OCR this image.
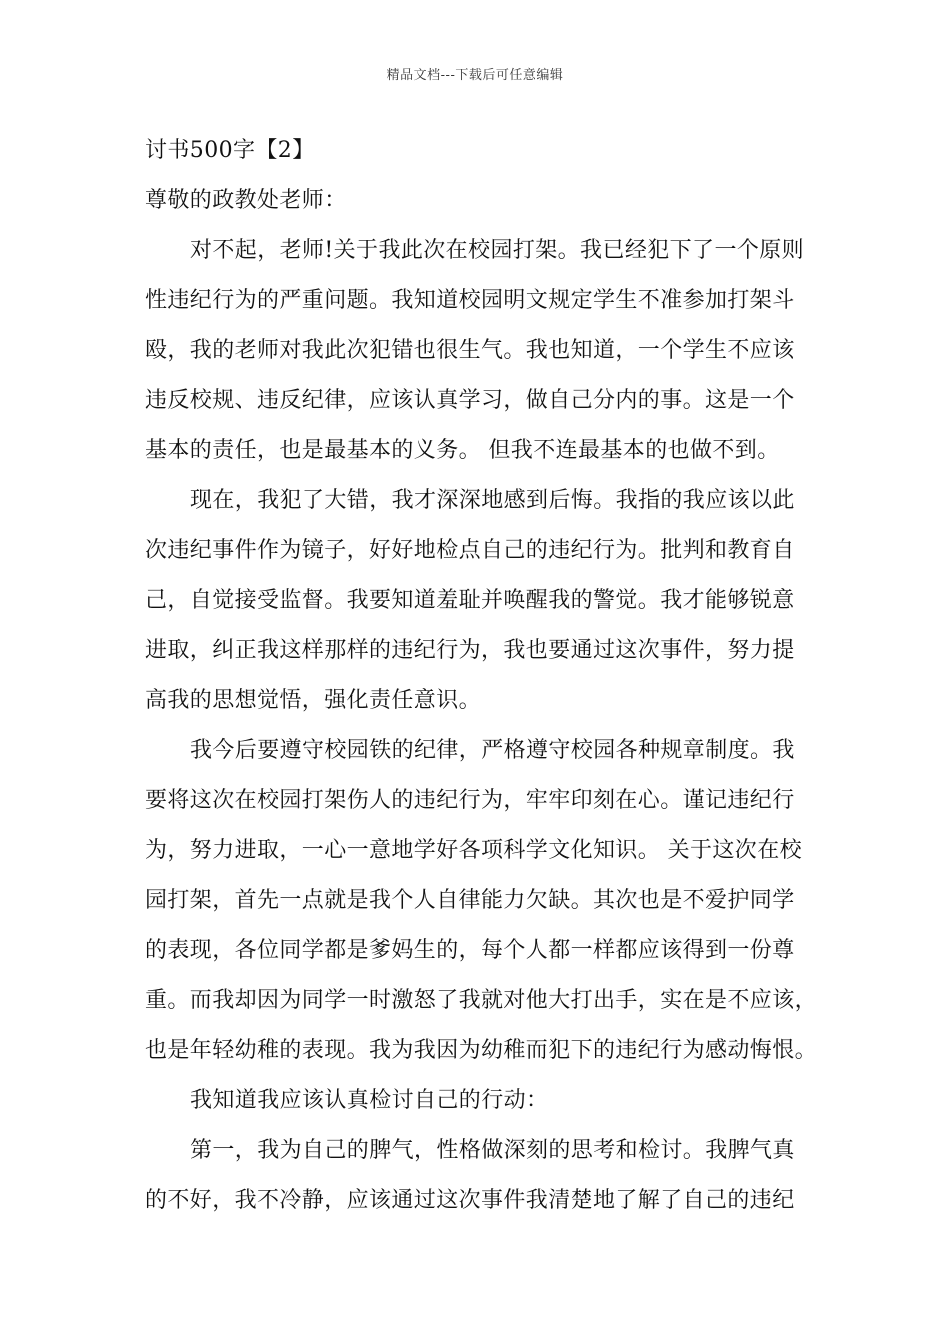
精品文档---下载后可任意编辑
讨书500字【2】
尊敬的政教处老师：
对不起，老师!关于我此次在校园打架。我已经犯下了一个原则
性违纪行为的严重问题。我知道校园明文规定学生不准参加打架斗
殴，我的老师对我此次犯错也很生气。我也知道，一个学生不应该
违反校规、违反纪律，应该认真学习，做自己分内的事。这是一个
基本的责任，也是最基本的义务。 但我不连最基本的也做不到。
现在，我犯了大错，我才深深地感到后悔。我指的我应该以此
次违纪事件作为镜子，好好地检点自己的违纪行为。批判和教育自
己，自觉接受监督。我要知道羞耻并唤醒我的警觉。我才能够锐意
进取，纠正我这样那样的违纪行为，我也要通过这次事件，努力提
高我的思想觉悟，强化责任意识。
我今后要遵守校园铁的纪律，严格遵守校园各种规章制度。我
要将这次在校园打架伤人的违纪行为，牢牢印刻在心。谨记违纪行
为，努力进取，一心一意地学好各项科学文化知识。 关于这次在校
园打架，首先一点就是我个人自律能力欠缺。其次也是不爱护同学
的表现，各位同学都是爹妈生的，每个人都一样都应该得到一份尊
重。而我却因为同学一时激怒了我就对他大打出手，实在是不应该，
也是年轻幼稚的表现。我为我因为幼稚而犯下的违纪行为感动悔恨。
我知道我应该认真检讨自己的行动：
第一，我为自己的脾气，性格做深刻的思考和检讨。我脾气真
的不好，我不冷静，应该通过这次事件我清楚地了解了自己的违纪
